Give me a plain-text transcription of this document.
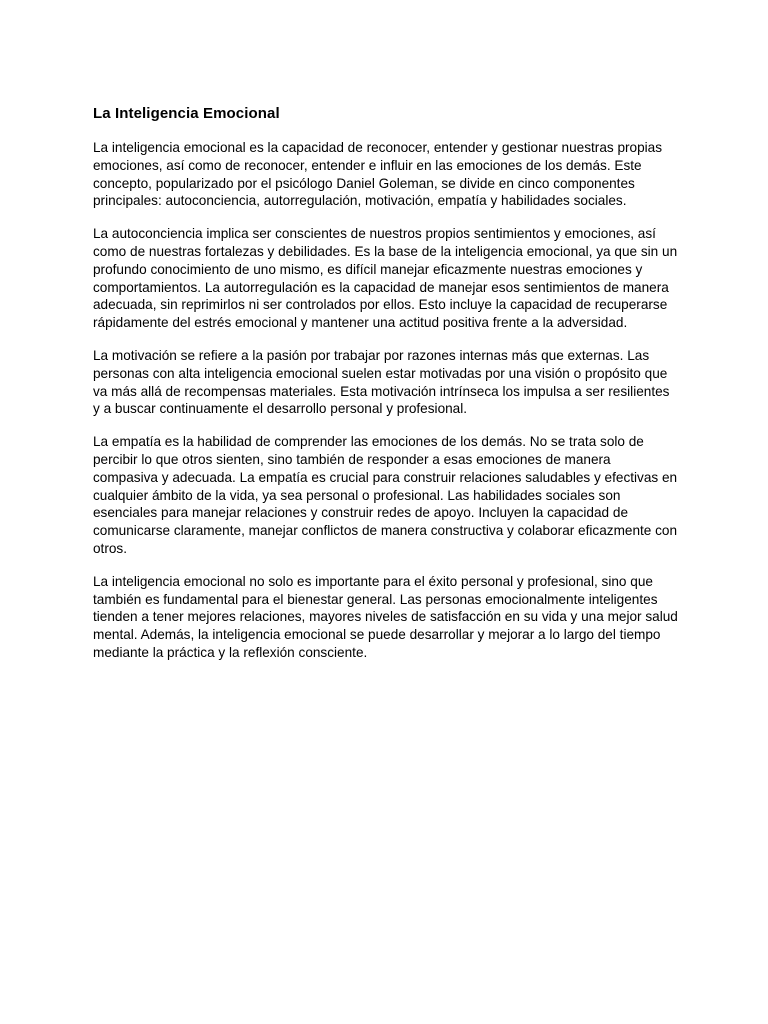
La Inteligencia Emocional

La inteligencia emocional es la capacidad de reconocer, entender y gestionar nuestras propias emociones, así como de reconocer, entender e influir en las emociones de los demás. Este concepto, popularizado por el psicólogo Daniel Goleman, se divide en cinco componentes principales: autoconciencia, autorregulación, motivación, empatía y habilidades sociales.

La autoconciencia implica ser conscientes de nuestros propios sentimientos y emociones, así como de nuestras fortalezas y debilidades. Es la base de la inteligencia emocional, ya que sin un profundo conocimiento de uno mismo, es difícil manejar eficazmente nuestras emociones y comportamientos. La autorregulación es la capacidad de manejar esos sentimientos de manera adecuada, sin reprimirlos ni ser controlados por ellos. Esto incluye la capacidad de recuperarse rápidamente del estrés emocional y mantener una actitud positiva frente a la adversidad.

La motivación se refiere a la pasión por trabajar por razones internas más que externas. Las personas con alta inteligencia emocional suelen estar motivadas por una visión o propósito que va más allá de recompensas materiales. Esta motivación intrínseca los impulsa a ser resilientes y a buscar continuamente el desarrollo personal y profesional.

La empatía es la habilidad de comprender las emociones de los demás. No se trata solo de percibir lo que otros sienten, sino también de responder a esas emociones de manera compasiva y adecuada. La empatía es crucial para construir relaciones saludables y efectivas en cualquier ámbito de la vida, ya sea personal o profesional. Las habilidades sociales son esenciales para manejar relaciones y construir redes de apoyo. Incluyen la capacidad de comunicarse claramente, manejar conflictos de manera constructiva y colaborar eficazmente con otros.

La inteligencia emocional no solo es importante para el éxito personal y profesional, sino que también es fundamental para el bienestar general. Las personas emocionalmente inteligentes tienden a tener mejores relaciones, mayores niveles de satisfacción en su vida y una mejor salud mental. Además, la inteligencia emocional se puede desarrollar y mejorar a lo largo del tiempo mediante la práctica y la reflexión consciente.
